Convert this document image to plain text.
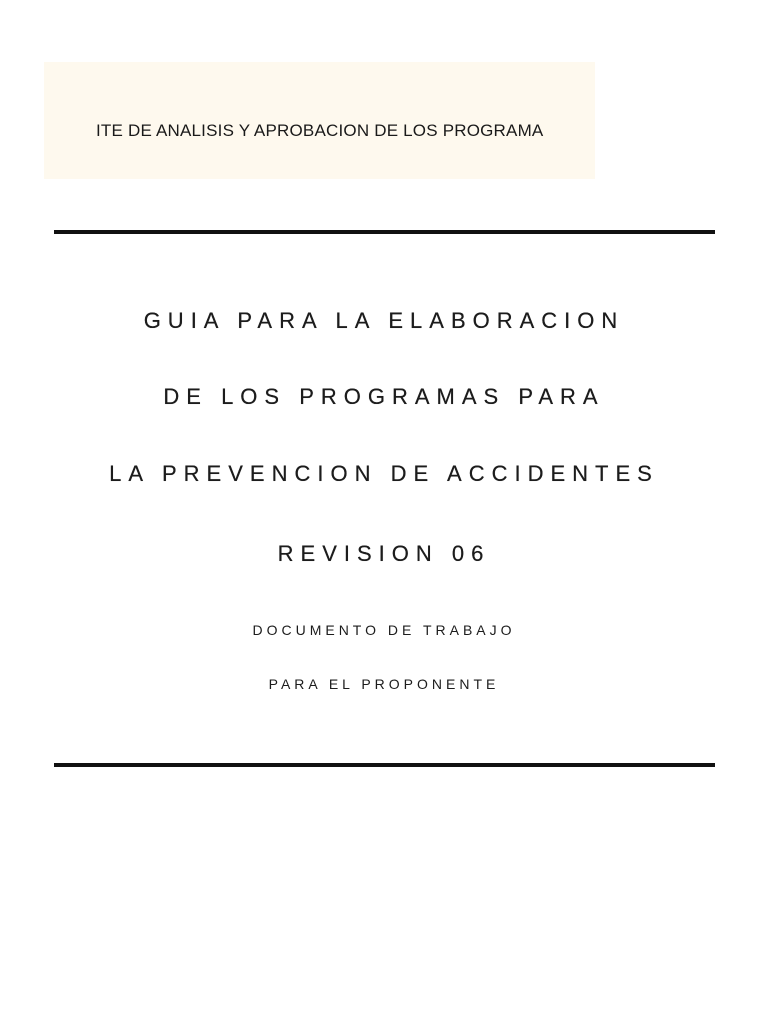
ITE DE ANALISIS Y APROBACION DE LOS PROGRAMA
GUIA PARA LA ELABORACION
DE LOS PROGRAMAS PARA
LA PREVENCION DE ACCIDENTES
REVISION 06
DOCUMENTO DE TRABAJO
PARA EL PROPONENTE
